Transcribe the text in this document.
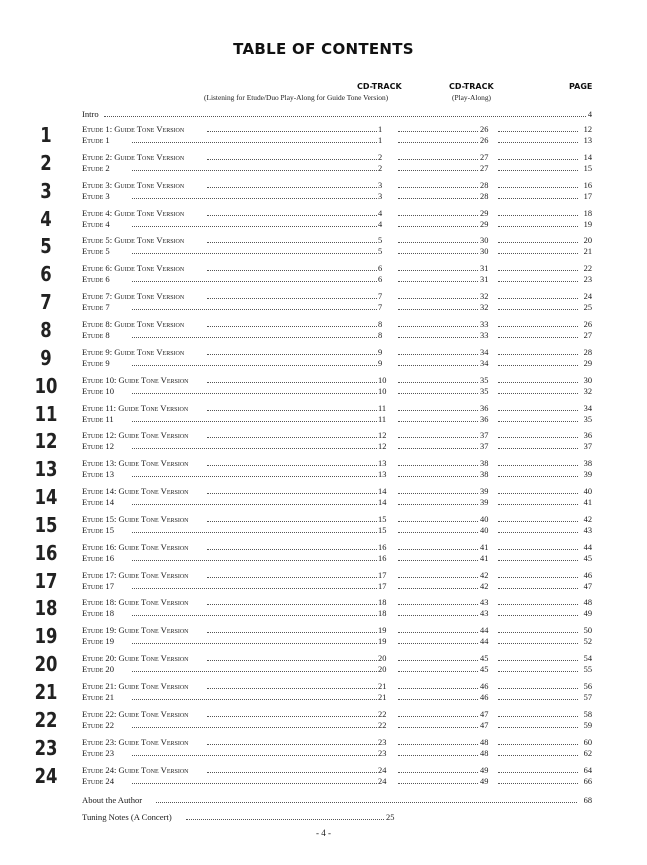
TABLE OF CONTENTS
CD-TRACK
(Listening for Etude/Duo Play-Along for Guide Tone Version)
CD-TRACK
(Play-Along)
PAGE
Intro	4
1	Etude 1: Guide Tone Version	1	26	12
Etude 1	1	26	13
2	Etude 2: Guide Tone Version	2	27	14
Etude 2	2	27	15
3	Etude 3: Guide Tone Version	3	28	16
Etude 3	3	28	17
4	Etude 4: Guide Tone Version	4	29	18
Etude 4	4	29	19
5	Etude 5: Guide Tone Version	5	30	20
Etude 5	5	30	21
6	Etude 6: Guide Tone Version	6	31	22
Etude 6	6	31	23
7	Etude 7: Guide Tone Version	7	32	24
Etude 7	7	32	25
8	Etude 8: Guide Tone Version	8	33	26
Etude 8	8	33	27
9	Etude 9: Guide Tone Version	9	34	28
Etude 9	9	34	29
10	Etude 10: Guide Tone Version	10	35	30
Etude 10	10	35	32
11	Etude 11: Guide Tone Version	11	36	34
Etude 11	11	36	35
12	Etude 12: Guide Tone Version	12	37	36
Etude 12	12	37	37
13	Etude 13: Guide Tone Version	13	38	38
Etude 13	13	38	39
14	Etude 14: Guide Tone Version	14	39	40
Etude 14	14	39	41
15	Etude 15: Guide Tone Version	15	40	42
Etude 15	15	40	43
16	Etude 16: Guide Tone Version	16	41	44
Etude 16	16	41	45
17	Etude 17: Guide Tone Version	17	42	46
Etude 17	17	42	47
18	Etude 18: Guide Tone Version	18	43	48
Etude 18	18	43	49
19	Etude 19: Guide Tone Version	19	44	50
Etude 19	19	44	52
20	Etude 20: Guide Tone Version	20	45	54
Etude 20	20	45	55
21	Etude 21: Guide Tone Version	21	46	56
Etude 21	21	46	57
22	Etude 22: Guide Tone Version	22	47	58
Etude 22	22	47	59
23	Etude 23: Guide Tone Version	23	48	60
Etude 23	23	48	62
24	Etude 24: Guide Tone Version	24	49	64
Etude 24	24	49	66
About the Author	68
Tuning Notes (A Concert)	25
- 4 -
